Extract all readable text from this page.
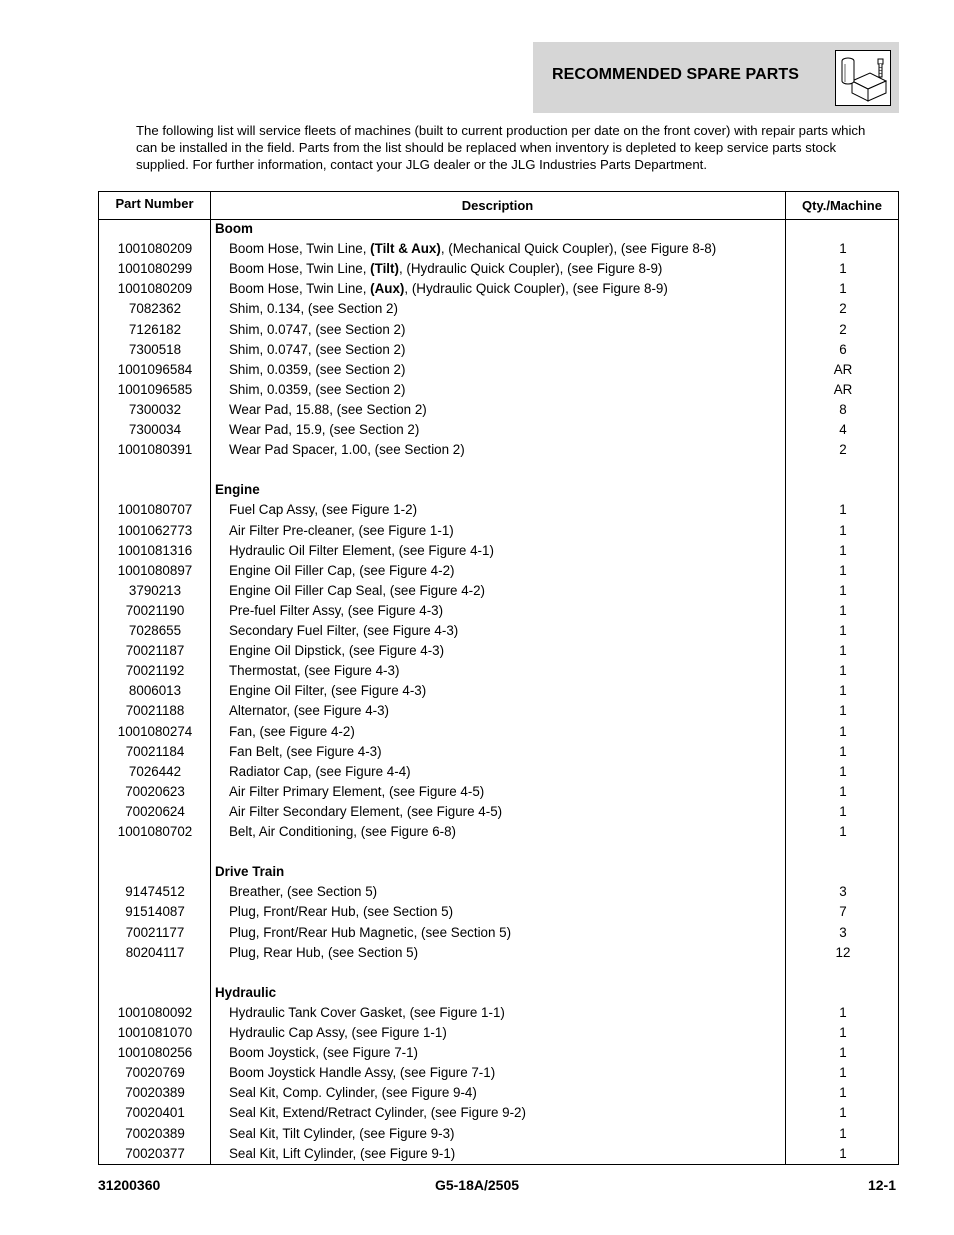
RECOMMENDED SPARE PARTS
The following list will service fleets of machines (built to current production per date on the front cover) with repair parts which can be installed in the field. Parts from the list should be replaced when inventory is depleted to keep service parts stock supplied. For further information, contact your JLG dealer or the JLG Industries Parts Department.
Part Number	Description	Qty./Machine
Boom
1001080209	Boom Hose, Twin Line, (Tilt & Aux), (Mechanical Quick Coupler), (see Figure 8-8)	1
1001080299	Boom Hose, Twin Line, (Tilt), (Hydraulic Quick Coupler), (see Figure 8-9)	1
1001080209	Boom Hose, Twin Line, (Aux), (Hydraulic Quick Coupler), (see Figure 8-9)	1
7082362	Shim, 0.134, (see Section 2)	2
7126182	Shim, 0.0747, (see Section 2)	2
7300518	Shim, 0.0747, (see Section 2)	6
1001096584	Shim, 0.0359, (see Section 2)	AR
1001096585	Shim, 0.0359, (see Section 2)	AR
7300032	Wear Pad, 15.88, (see Section 2)	8
7300034	Wear Pad, 15.9, (see Section 2)	4
1001080391	Wear Pad Spacer, 1.00, (see Section 2)	2
Engine
1001080707	Fuel Cap Assy, (see Figure 1-2)	1
1001062773	Air Filter Pre-cleaner, (see Figure 1-1)	1
1001081316	Hydraulic Oil Filter Element, (see Figure 4-1)	1
1001080897	Engine Oil Filler Cap, (see Figure 4-2)	1
3790213	Engine Oil Filler Cap Seal, (see Figure 4-2)	1
70021190	Pre-fuel Filter Assy, (see Figure 4-3)	1
7028655	Secondary Fuel Filter, (see Figure 4-3)	1
70021187	Engine Oil Dipstick, (see Figure 4-3)	1
70021192	Thermostat, (see Figure 4-3)	1
8006013	Engine Oil Filter, (see Figure 4-3)	1
70021188	Alternator, (see Figure 4-3)	1
1001080274	Fan, (see Figure 4-2)	1
70021184	Fan Belt, (see Figure 4-3)	1
7026442	Radiator Cap, (see Figure 4-4)	1
70020623	Air Filter Primary Element, (see Figure 4-5)	1
70020624	Air Filter Secondary Element, (see Figure 4-5)	1
1001080702	Belt, Air Conditioning, (see Figure 6-8)	1
Drive Train
91474512	Breather, (see Section 5)	3
91514087	Plug, Front/Rear Hub, (see Section 5)	7
70021177	Plug, Front/Rear Hub Magnetic, (see Section 5)	3
80204117	Plug, Rear Hub, (see Section 5)	12
Hydraulic
1001080092	Hydraulic Tank Cover Gasket, (see Figure 1-1)	1
1001081070	Hydraulic Cap Assy, (see Figure 1-1)	1
1001080256	Boom Joystick, (see Figure 7-1)	1
70020769	Boom Joystick Handle Assy, (see Figure 7-1)	1
70020389	Seal Kit, Comp. Cylinder, (see Figure 9-4)	1
70020401	Seal Kit, Extend/Retract Cylinder, (see Figure 9-2)	1
70020389	Seal Kit, Tilt Cylinder, (see Figure 9-3)	1
70020377	Seal Kit, Lift Cylinder, (see Figure 9-1)	1
31200360	G5-18A/2505	12-1
